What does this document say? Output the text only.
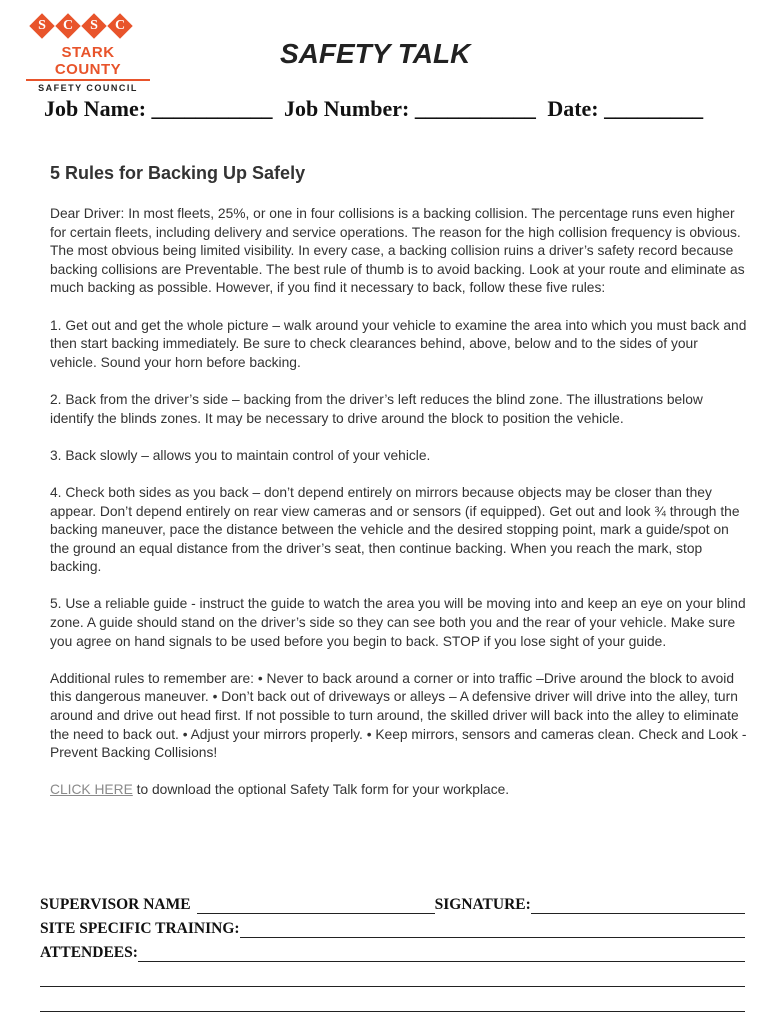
S	C	S	C
STARK COUNTY
SAFETY COUNCIL
SAFETY TALK
Job Name: ___________ Job Number: ___________ Date: _________
5 Rules for Backing Up Safely

Dear Driver: In most fleets, 25%, or one in four collisions is a backing collision. The percentage runs even higher for certain fleets, including delivery and service operations. The reason for the high collision frequency is obvious. The most obvious being limited visibility. In every case, a backing collision ruins a driver’s safety record because backing collisions are Preventable. The best rule of thumb is to avoid backing. Look at your route and eliminate as much backing as possible. However, if you find it necessary to back, follow these five rules:

1. Get out and get the whole picture – walk around your vehicle to examine the area into which you must back and then start backing immediately. Be sure to check clearances behind, above, below and to the sides of your vehicle. Sound your horn before backing.

2. Back from the driver’s side – backing from the driver’s left reduces the blind zone. The illustrations below identify the blinds zones. It may be necessary to drive around the block to position the vehicle.

3. Back slowly – allows you to maintain control of your vehicle.

4. Check both sides as you back – don’t depend entirely on mirrors because objects may be closer than they appear. Don’t depend entirely on rear view cameras and or sensors (if equipped). Get out and look ¾ through the backing maneuver, pace the distance between the vehicle and the desired stopping point, mark a guide/spot on the ground an equal distance from the driver’s seat, then continue backing. When you reach the mark, stop backing.

5. Use a reliable guide - instruct the guide to watch the area you will be moving into and keep an eye on your blind zone. A guide should stand on the driver’s side so they can see both you and the rear of your vehicle. Make sure you agree on hand signals to be used before you begin to back. STOP if you lose sight of your guide.

Additional rules to remember are: • Never to back around a corner or into traffic –Drive around the block to avoid this dangerous maneuver. • Don’t back out of driveways or alleys – A defensive driver will drive into the alley, turn around and drive out head first. If not possible to turn around, the skilled driver will back into the alley to eliminate the need to back out. • Adjust your mirrors properly. • Keep mirrors, sensors and cameras clean. Check and Look - Prevent Backing Collisions!

CLICK HERE to download the optional Safety Talk form for your workplace.

SUPERVISOR NAME	SIGNATURE:
SITE SPECIFIC TRAINING:
ATTENDEES:
